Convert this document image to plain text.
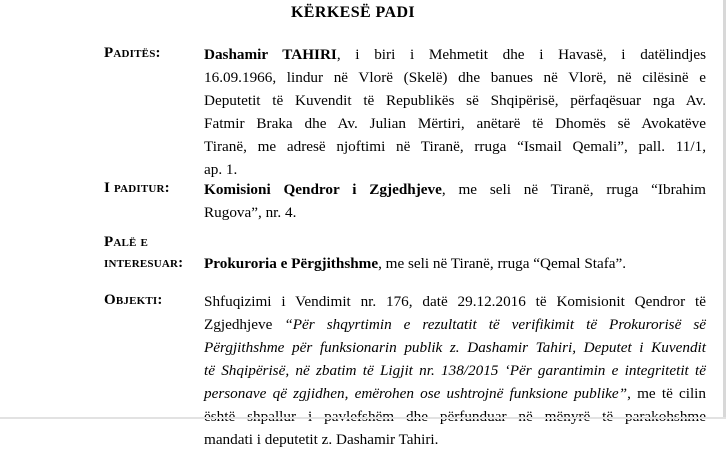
KËRKESË PADI
Paditës:	Dashamir TAHIRI, i biri i Mehmetit dhe i Havasë, i datëlindjes
16.09.1966, lindur në Vlorë (Skelë) dhe banues në Vlorë, në cilësinë e
Deputetit të Kuvendit të Republikës së Shqipërisë, përfaqësuar nga Av.
Fatmir Braka dhe Av. Julian Mërtiri, anëtarë të Dhomës së Avokatëve
Tiranë, me adresë njoftimi në Tiranë, rruga “Ismail Qemali”, pall. 11/1,
ap. 1.
I paditur: Komisioni Qendror i Zgjedhjeve, me seli në Tiranë, rruga “Ibrahim
Rugova”, nr. 4.
Palë e
interesuar: Prokuroria e Përgjithshme, me seli në Tiranë, rruga “Qemal Stafa”.
Objekti:	Shfuqizimi i Vendimit nr. 176, datë 29.12.2016 të Komisionit Qendror të
Zgjedhjeve “Për shqyrtimin e rezultatit të verifikimit të Prokurorisë së
Përgjithshme për funksionarin publik z. Dashamir Tahiri, Deputet i Kuvendit
të Shqipërisë, në zbatim të Ligjit nr. 138/2015 ‘Për garantimin e integritetit të
personave që zgjidhen, emërohen ose ushtrojnë funksione publike”, me të cilin
mandati i deputetit z. Dashamir Tahiri.
